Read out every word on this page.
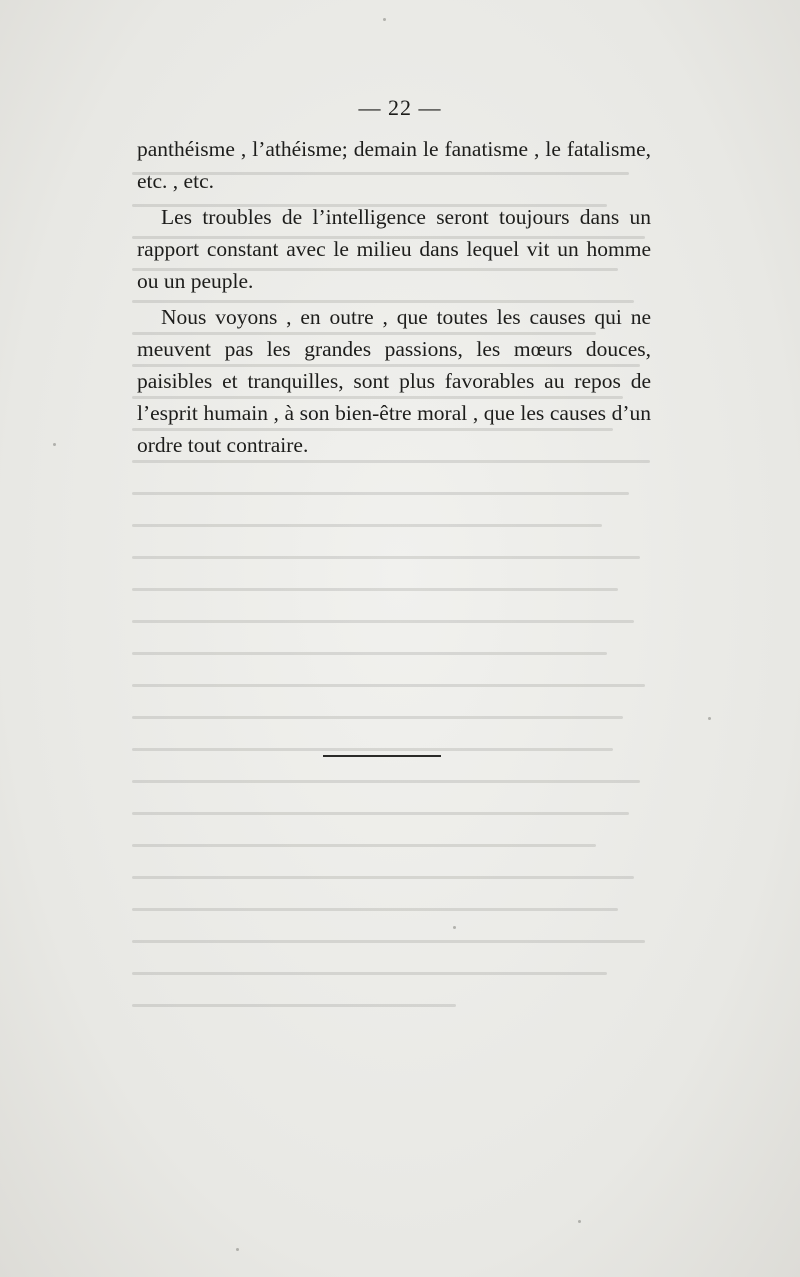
— 22 —

panthéisme , l’athéisme; demain le fanatisme , le fatalisme, etc. , etc.

Les troubles de l’intelligence seront toujours dans un rapport constant avec le milieu dans lequel vit un homme ou un peuple.

Nous voyons , en outre , que toutes les causes qui ne meuvent pas les grandes passions, les mœurs douces, paisibles et tranquilles, sont plus favorables au repos de l’esprit humain , à son bien-être moral , que les causes d’un ordre tout contraire.
